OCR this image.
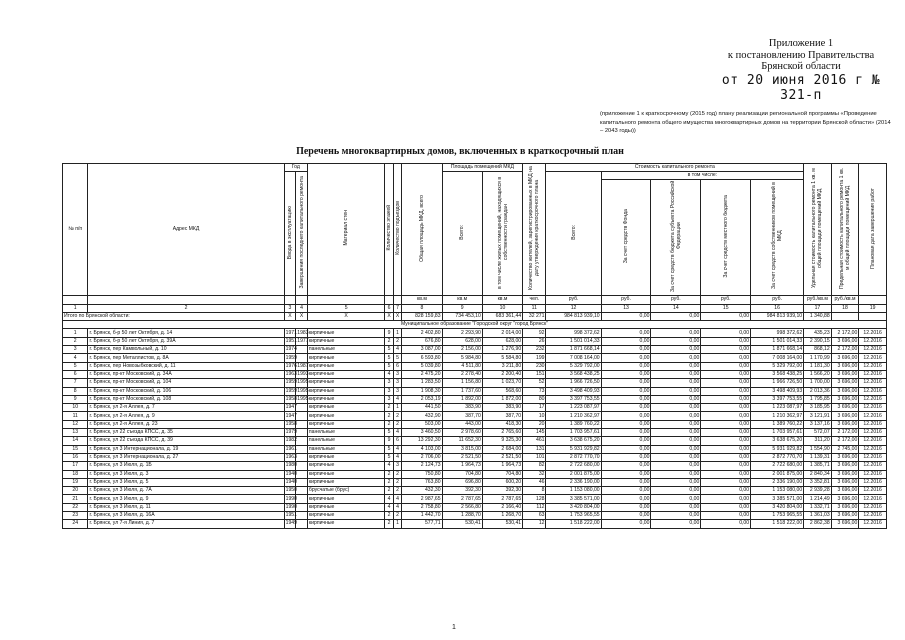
Приложение 1
к постановлению Правительства
Брянской области
от 20 июня 2016 г № 321-п
(приложение 1 к краткосрочному (2015 год) плану реализации региональной программы «Проведение капитального ремонта общего имущества многоквартирных домов на территории Брянской области» (2014 – 2043 годы))
Перечень многоквартирных домов, включенных в краткосрочный план
№ п/п	Адрес МКД	Год		Материал стен	Количество этажей	Количество подъездов	Общая площадь МКД, всего	Площадь помещений МКД		Количество жителей, зарегистрированных в МКД на дату утверждения краткосрочного плана	Стоимость капитального ремонта					Удельная стоимость капитального ремонта 1 кв. м общей площади помещений МКД	Предельная стоимость капитального ремонта 1 кв. м общей площади помещений МКД	Плановая дата завершения работ
		Ввода в эксплуатацию	Завершения последнего капитального ремонта					Всего:	в том числе жилых помещений, находящихся в собственности граждан		Всего:	в том числе:						
												За счет средств Фонда	За счет средств бюджета субъекта Российской Федерации	За счет средств местного бюджета	За счет средств собственников помещений в МКД			
							кв.м	кв.м	кв.м	чел.	руб.	руб.	руб.	руб.	руб.	руб./кв.м	руб./кв.м	
1	2	3	4	5	6	7	8	9	10	11	12	13	14	15	16	17	18	19
Итого по Брянской области:		X	X	X	X	X	828 159,83	734 453,10	683 361,44	32 271	984 813 939,10	0,00	0,00	0,00	984 813 939,10	1 340,88		
Муниципальное образование "Городской округ "город Брянск"																		
1	г. Брянск, б-р 50 лет Октября, д. 14	1971	1983	кирпичные	9	1	2 402,80	2 293,90	2 014,00	92	998 372,62	0,00	0,00	0,00	998 372,62	435,23	2 172,00	12.2016
2	г. Брянск, б-р 50 лет Октября, д. 39А	1951	1977	кирпичные	2	2	676,80	628,00	628,00	26	1 501 014,33	0,00	0,00	0,00	1 501 014,33	2 390,15	3 696,00	12.2016
3	г. Брянск, пер Камвольный, д. 10	1974		панельные	5	4	3 087,00	2 156,00	1 276,90	232	1 871 668,14	0,00	0,00	0,00	1 871 668,14	868,12	2 172,00	12.2016
4	г. Брянск, пер Металлистов, д. 8А	1959		кирпичные	5	5	6 593,80	5 984,80	5 584,80	199	7 008 164,00	0,00	0,00	0,00	7 008 164,00	1 170,99	3 696,00	12.2016
5	г. Брянск, пер Новозыбковский, д. 11	1976	1987	кирпичные	5	6	5 039,80	4 511,80	3 211,80	230	5 329 792,00	0,00	0,00	0,00	5 329 792,00	1 181,30	3 696,00	12.2016
6	г. Брянск, пр-кт Московский, д. 34А	1963	1993	кирпичные	4	3	2 475,20	2 278,40	2 200,40	151	3 568 438,25	0,00	0,00	0,00	3 568 438,25	1 566,20	3 696,00	12.2016
7	г. Брянск, пр-кт Московский, д. 104	1959	1995	кирпичные	3	3	1 283,50	1 156,80	1 023,70	52	1 966 726,50	0,00	0,00	0,00	1 966 726,50	1 700,00	3 696,00	12.2016
8	г. Брянск, пр-кт Московский, д. 106	1959	1995	кирпичные	3	3	1 908,30	1 737,60	568,60	73	3 498 409,93	0,00	0,00	0,00	3 498 409,93	2 013,36	3 696,00	12.2016
9	г. Брянск, пр-кт Московский, д. 108	1958	1995	кирпичные	3	4	2 053,19	1 892,00	1 872,00	80	3 397 753,55	0,00	0,00	0,00	3 397 753,55	1 795,85	3 696,00	12.2016
10	г. Брянск, ул 2-я Аллея, д. 7	1947		кирпичные	2	1	441,50	383,90	383,90	17	1 223 087,97	0,00	0,00	0,00	1 223 087,97	3 185,95	3 696,00	12.2016
11	г. Брянск, ул 2-я Аллея, д. 9	1947		кирпичные	2	2	432,90	387,70	387,70	10	1 210 362,97	0,00	0,00	0,00	1 210 362,97	3 121,91	3 696,00	12.2016
12	г. Брянск, ул 2-я Аллея, д. 23	1958		кирпичные	2	2	503,00	443,00	418,30	20	1 389 760,22	0,00	0,00	0,00	1 389 760,22	3 137,16	3 696,00	12.2016
13	г. Брянск, ул 22 съезда КПСС, д. 35	1979		панельные	5	4	3 460,50	2 978,60	2 765,60	145	1 703 957,61	0,00	0,00	0,00	1 703 957,61	572,07	2 172,00	12.2016
14	г. Брянск, ул 22 съезда КПСС, д. 39	1982		панельные	9	6	13 292,30	11 652,30	9 325,30	461	3 638 675,20	0,00	0,00	0,00	3 638 675,20	311,20	2 172,00	12.2016
15	г. Брянск, ул 3 Интернационала, д. 19	1961		панельные	5	4	4 103,00	3 815,00	2 684,00	131	5 931 929,82	0,00	0,00	0,00	5 931 929,82	1 554,90	2 745,00	12.2016
16	г. Брянск, ул 3 Интернационала, д. 27	1963		кирпичные	5	4	2 706,00	2 521,50	2 521,50	101	2 872 770,70	0,00	0,00	0,00	2 872 770,70	1 139,31	3 696,00	12.2016
17	г. Брянск, ул 3 Июля, д. 1Б	1980		кирпичные	4	3	2 124,73	1 964,73	1 964,73	82	2 722 680,00	0,00	0,00	0,00	2 722 680,00	1 385,71	3 696,00	12.2016
18	г. Брянск, ул 3 Июля, д. 3	1940		кирпичные	2	2	750,80	704,80	704,80	32	2 001 875,00	0,00	0,00	0,00	2 001 875,00	2 840,34	3 696,00	12.2016
19	г. Брянск, ул 3 Июля, д. 5	1940		кирпичные	2	2	763,80	696,80	600,20	46	2 336 190,00	0,00	0,00	0,00	2 336 190,00	3 352,81	3 696,00	12.2016
20	г. Брянск, ул 3 Июля, д. 7А	1950		брусчатые (брус)	2	2	432,30	392,30	392,30	8	1 153 080,00	0,00	0,00	0,00	1 153 080,00	2 939,28	3 696,00	12.2016
21	г. Брянск, ул 3 Июля, д. 9	1990		кирпичные	4	4	2 987,65	2 787,65	2 787,65	128	3 385 571,00	0,00	0,00	0,00	3 385 571,00	1 214,49	3 696,00	12.2016
22	г. Брянск, ул 3 Июля, д. 11	1990		кирпичные	4	4	2 758,80	2 566,80	2 166,40	112	3 420 804,00	0,00	0,00	0,00	3 420 804,00	1 332,71	3 696,00	12.2016
23	г. Брянск, ул 3 Июля, д. 16А	1951		кирпичные	2	2	1 442,70	1 288,70	1 268,70	63	1 753 965,55	0,00	0,00	0,00	1 753 965,55	1 361,03	3 696,00	12.2016
24	г. Брянск, ул 7-я Линия, д. 7	1949		кирпичные	2	1	577,71	530,41	530,41	12	1 518 222,00	0,00	0,00	0,00	1 518 222,00	2 862,38	3 696,00	12.2016
1
